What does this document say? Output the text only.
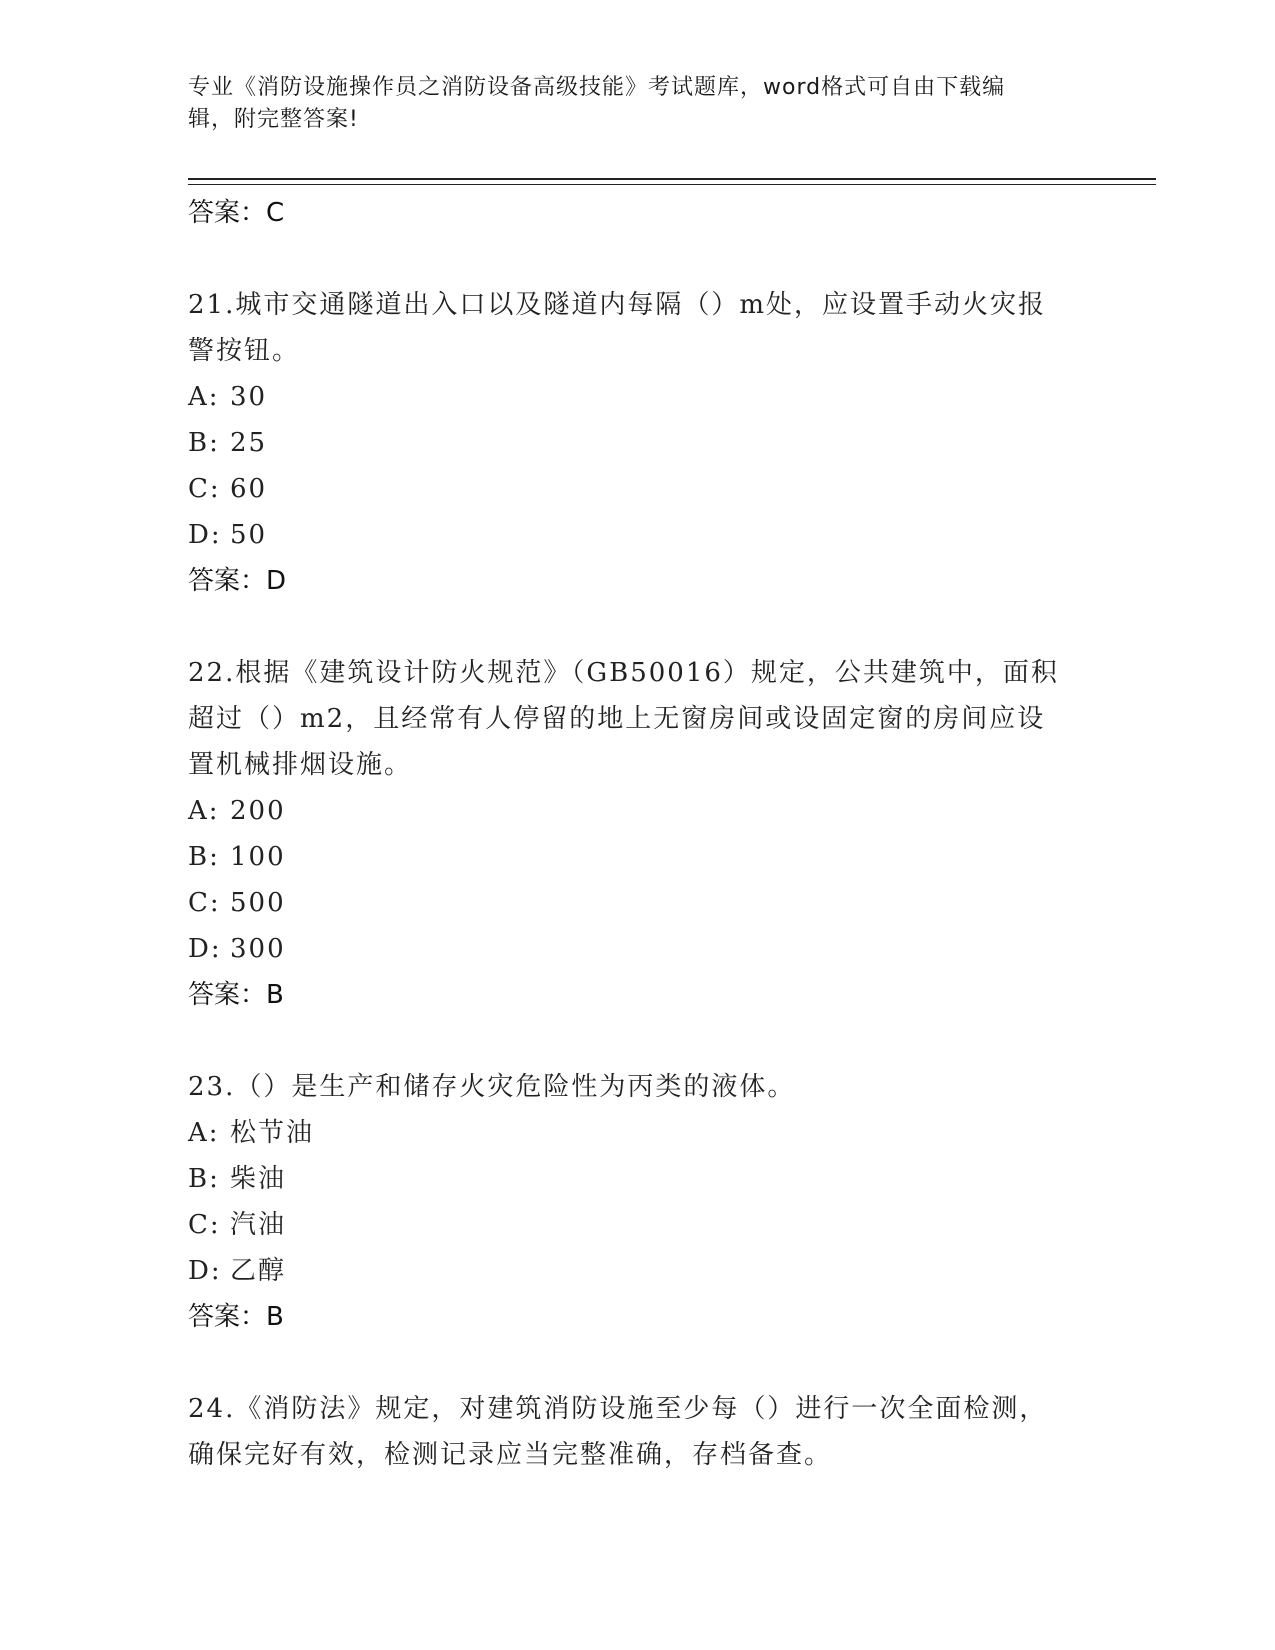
专业《消防设施操作员之消防设备高级技能》考试题库，word格式可自由下载编
辑，附完整答案!
答案：C
21.城市交通隧道出入口以及隧道内每隔（）m处，应设置手动火灾报
警按钮。
A: 30
B: 25
C: 60
D: 50
答案：D
22.根据《建筑设计防火规范》（GB50016）规定，公共建筑中，面积
超过（）m2，且经常有人停留的地上无窗房间或设固定窗的房间应设
置机械排烟设施。
A: 200
B: 100
C: 500
D: 300
答案：B
23.（）是生产和储存火灾危险性为丙类的液体。
A: 松节油
B: 柴油
C: 汽油
D: 乙醇
答案：B
24.《消防法》规定，对建筑消防设施至少每（）进行一次全面检测，
确保完好有效，检测记录应当完整准确，存档备查。
